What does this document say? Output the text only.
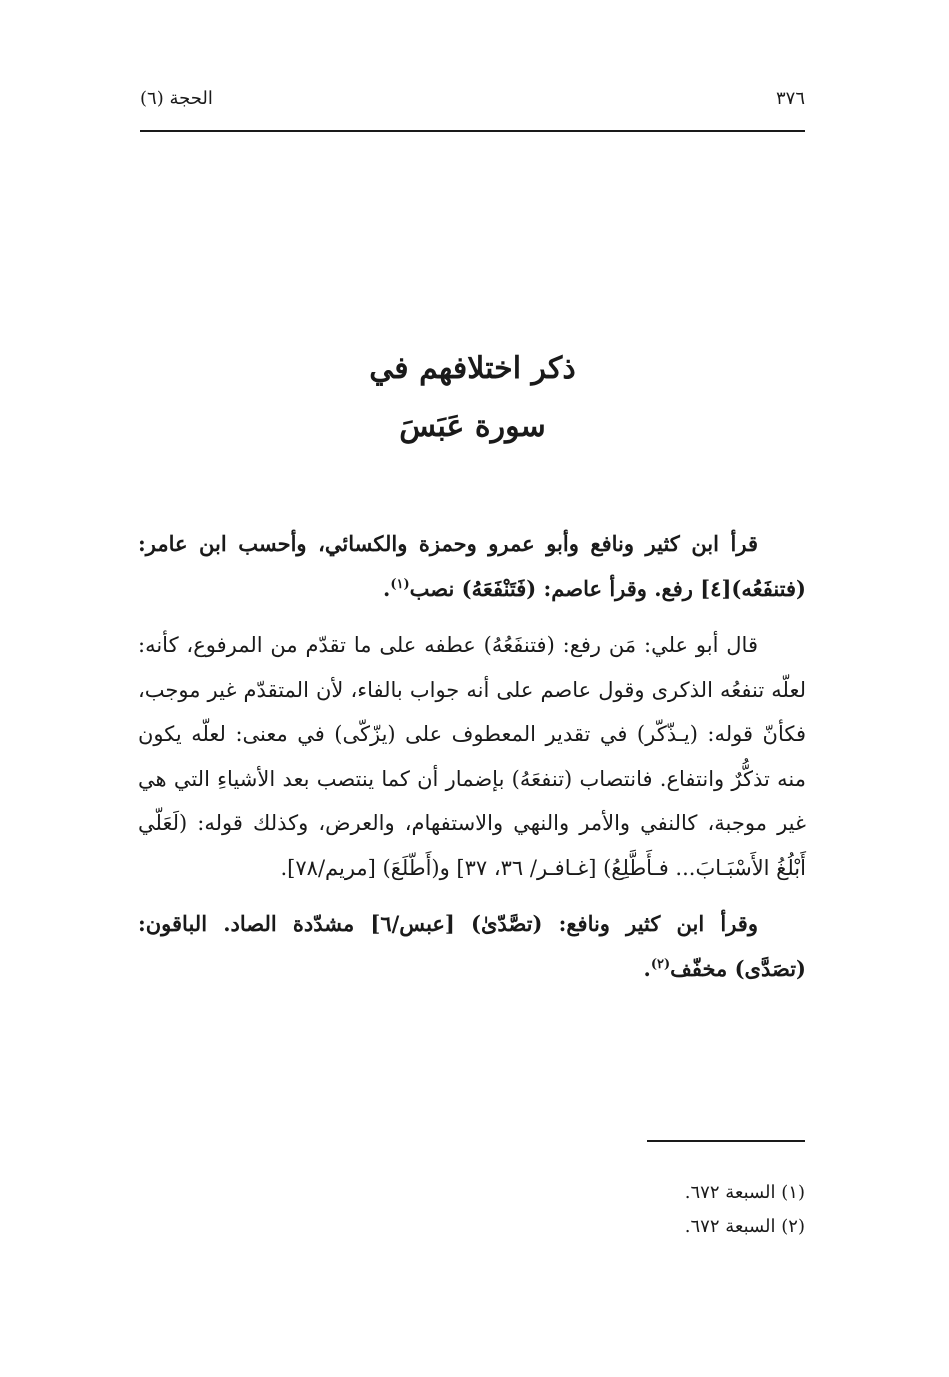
٣٧٦
الحجة (٦)
ذكر اختلافهم في
سورة عَبَسَ

قرأ ابن كثير ونافع وأبو عمرو وحمزة والكسائي، وأحسب ابن عامر: (فتنفَعُه)[٤] رفع. وقرأ عاصم: (فَتَنْفَعَهُ) نصب$^{(١)}$.

قال أبو علي: مَن رفع: (فتنفَعُهُ) عطفه على ما تقدّم من المرفوع، كأنه: لعلّه تنفعُه الذكرى وقول عاصم على أنه جواب بالفاء، لأن المتقدّم غير موجب، فكأنّ قوله: (يـذّكّر) في تقدير المعطوف على (يزّكّى) في معنى: لعلّه يكون منه تذكُّرٌ وانتفاع. فانتصاب (تنفعَهُ) بإضمار أن كما ينتصب بعد الأشياءِ التي هي غير موجبة، كالنفي والأمر والنهي والاستفهام، والعرض، وكذلك قوله: (لَعَلّي أَبْلُغُ الأَسْبَـابَ... فـأَطَّلِعُ) [غـافـر/ ٣٦، ٣٧] و(أَطّلَعَ) [مريم/٧٨].

وقرأ ابن كثير ونافع: (تصَّدّىٰ) [عبس/٦] مشدّدة الصاد. الباقون: (تصَدَّى) مخفّف$^{(٢)}$.

(١) السبعة ٦٧٢.
(٢) السبعة ٦٧٢.
